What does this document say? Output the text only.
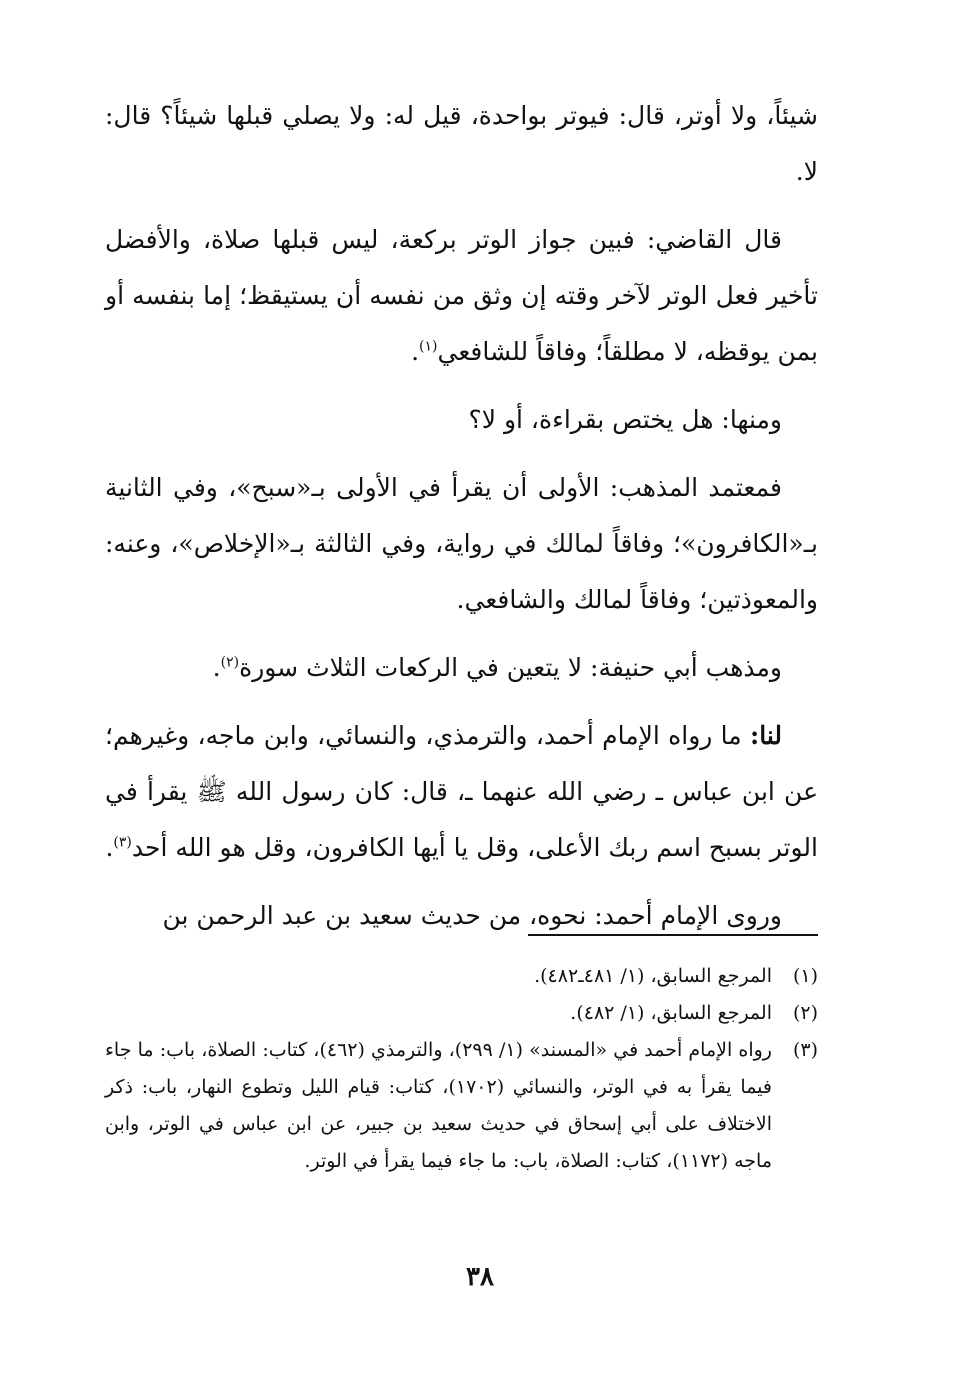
شيئاً، ولا أوتر، قال: فيوتر بواحدة، قيل له: ولا يصلي قبلها شيئاً؟ قال: لا.

قال القاضي: فبين جواز الوتر بركعة، ليس قبلها صلاة، والأفضل تأخير فعل الوتر لآخر وقته إن وثق من نفسه أن يستيقظ؛ إما بنفسه أو بمن يوقظه، لا مطلقاً؛ وفاقاً للشافعي$^{(١)}$.

ومنها: هل يختص بقراءة، أو لا؟

فمعتمد المذهب: الأولى أن يقرأ في الأولى بـ«سبح»، وفي الثانية بـ«الكافرون»؛ وفاقاً لمالك في رواية، وفي الثالثة بـ«الإخلاص»، وعنه: والمعوذتين؛ وفاقاً لمالك والشافعي.

ومذهب أبي حنيفة: لا يتعين في الركعات الثلاث سورة$^{(٢)}$.

لنا: ما رواه الإمام أحمد، والترمذي، والنسائي، وابن ماجه، وغيرهم؛ عن ابن عباس ـ رضي الله عنهما ـ، قال: كان رسول الله ﷺ يقرأ في الوتر بسبح اسم ربك الأعلى، وقل يا أيها الكافرون، وقل هو الله أحد$^{(٣)}$.

وروى الإمام أحمد: نحوه، من حديث سعيد بن عبد الرحمن بن

(١)
المرجع السابق، (١/ ٤٨١ـ٤٨٢).
(٢)
المرجع السابق، (١/ ٤٨٢).
(٣)
رواه الإمام أحمد في «المسند» (١/ ٢٩٩)، والترمذي (٤٦٢)، كتاب: الصلاة، باب: ما جاء فيما يقرأ به في الوتر، والنسائي (١٧٠٢)، كتاب: قيام الليل وتطوع النهار، باب: ذكر الاختلاف على أبي إسحاق في حديث سعيد بن جبير، عن ابن عباس في الوتر، وابن ماجه (١١٧٢)، كتاب: الصلاة، باب: ما جاء فيما يقرأ في الوتر.
٣٨
